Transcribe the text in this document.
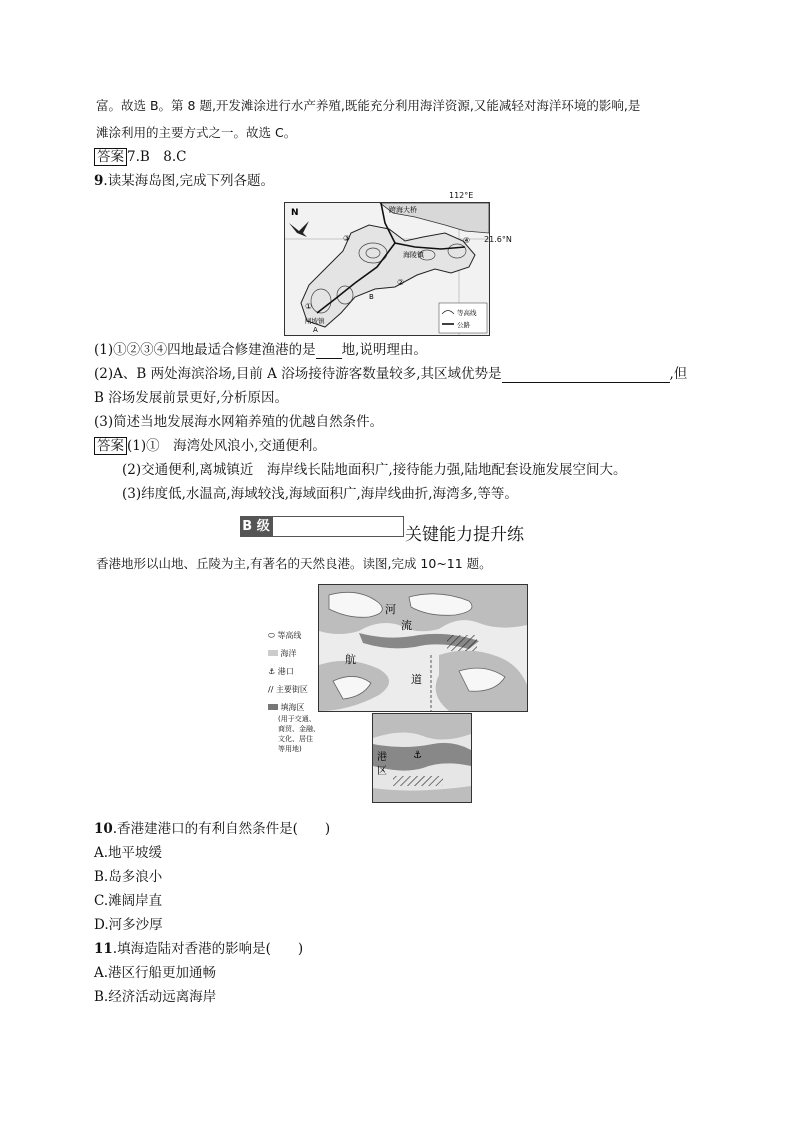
富。故选 B。第 8 题,开发滩涂进行水产养殖,既能充分利用海洋资源,又能减轻对海洋环境的影响,是
滩涂利用的主要方式之一。故选 C。
答案 7.B　8.C
9.读某海岛图,完成下列各题。
N	跨海大桥
海陵镇
闸坡镇
A
B
①
②
③	④
等高线
公路
112°E
21.6°N
(1)①②③④四地最适合修建渔港的是 地,说明理由。
(2)A、B 两处海滨浴场,目前 A 浴场接待游客数量较多,其区域优势是	,但
B 浴场发展前景更好,分析原因。
(3)简述当地发展海水网箱养殖的优越自然条件。
答案 (1)①　海湾处风浪小,交通便利。
(2)交通便利,离城镇近　海岸线长陆地面积广,接待能力强,陆地配套设施发展空间大。
(3)纬度低,水温高,海域较浅,海域面积广,海岸线曲折,海湾多,等等。
B 级	关键能力提升练
香港地形以山地、丘陵为主,有著名的天然良港。读图,完成 10~11 题。
河
流
航
道
港
区
⚓
⬭ 等高线
海洋
⚓ 港口
// 主要街区
填海区
(用于交通、
商贸、金融、
文化、居住
等用地)
10.香港建港口的有利自然条件是(　　)
A.地平坡缓
B.岛多浪小
C.滩阔岸直
D.河多沙厚
11.填海造陆对香港的影响是(　　)
A.港区行船更加通畅
B.经济活动远离海岸
